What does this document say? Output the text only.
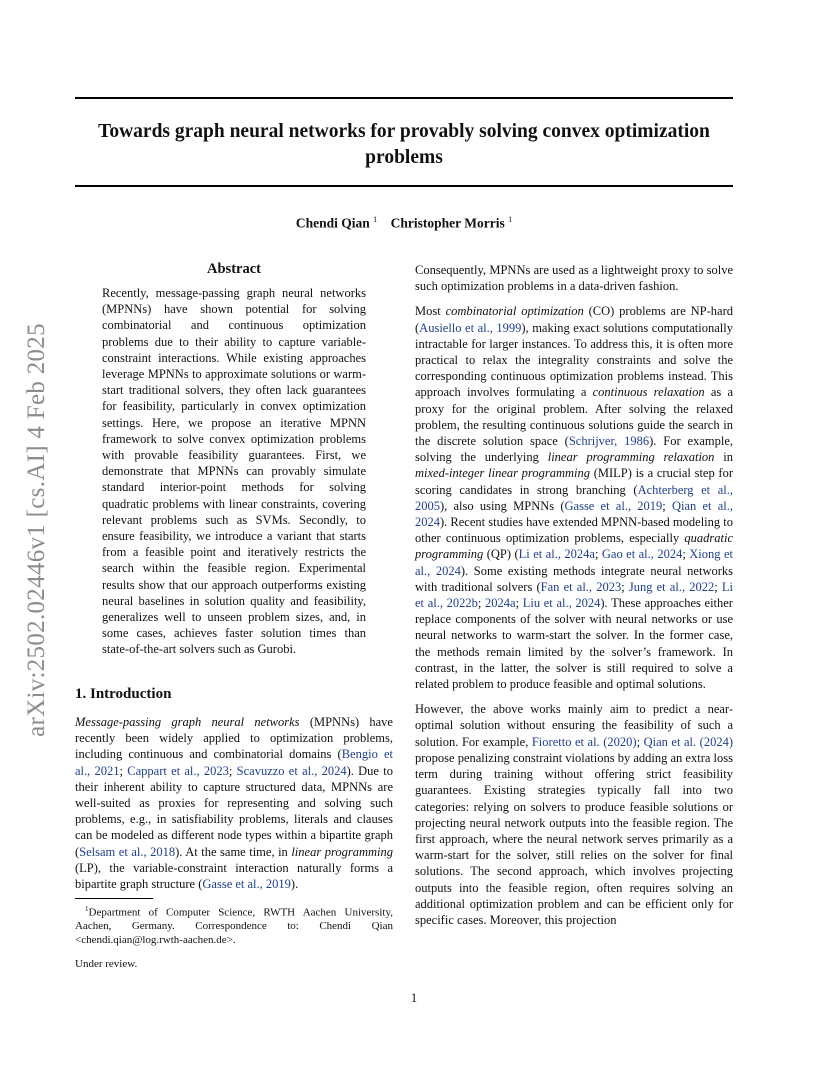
Towards graph neural networks for provably solving convex optimization problems
Chendi Qian $^1$ Christopher Morris $^1$
arXiv:2502.02446v1 [cs.AI] 4 Feb 2025
Abstract

Recently, message-passing graph neural networks (MPNNs) have shown potential for solving combinatorial and continuous optimization problems due to their ability to capture variable-constraint interactions. While existing approaches leverage MPNNs to approximate solutions or warm-start traditional solvers, they often lack guarantees for feasibility, particularly in convex optimization settings. Here, we propose an iterative MPNN framework to solve convex optimization problems with provable feasibility guarantees. First, we demonstrate that MPNNs can provably simulate standard interior-point methods for solving quadratic problems with linear constraints, covering relevant problems such as SVMs. Secondly, to ensure feasibility, we introduce a variant that starts from a feasible point and iteratively restricts the search within the feasible region. Experimental results show that our approach outperforms existing neural baselines in solution quality and feasibility, generalizes well to unseen problem sizes, and, in some cases, achieves faster solution times than state-of-the-art solvers such as Gurobi.

1. Introduction

Message-passing graph neural networks (MPNNs) have recently been widely applied to optimization problems, including continuous and combinatorial domains (Bengio et al., 2021; Cappart et al., 2023; Scavuzzo et al., 2024). Due to their inherent ability to capture structured data, MPNNs are well-suited as proxies for representing and solving such problems, e.g., in satisfiability problems, literals and clauses can be modeled as different node types within a bipartite graph (Selsam et al., 2018). At the same time, in linear programming (LP), the variable-constraint interaction naturally forms a bipartite graph structure (Gasse et al., 2019).

$^1$Department of Computer Science, RWTH Aachen University, Aachen, Germany. Correspondence to: Chendi Qian <chendi.qian@log.rwth-aachen.de>.
Under review.

Consequently, MPNNs are used as a lightweight proxy to solve such optimization problems in a data-driven fashion.

Most combinatorial optimization (CO) problems are NP-hard (Ausiello et al., 1999), making exact solutions computationally intractable for larger instances. To address this, it is often more practical to relax the integrality constraints and solve the corresponding continuous optimization problems instead. This approach involves formulating a continuous relaxation as a proxy for the original problem. After solving the relaxed problem, the resulting continuous solutions guide the search in the discrete solution space (Schrijver, 1986). For example, solving the underlying linear programming relaxation in mixed-integer linear programming (MILP) is a crucial step for scoring candidates in strong branching (Achterberg et al., 2005), also using MPNNs (Gasse et al., 2019; Qian et al., 2024). Recent studies have extended MPNN-based modeling to other continuous optimization problems, especially quadratic programming (QP) (Li et al., 2024a; Gao et al., 2024; Xiong et al., 2024). Some existing methods integrate neural networks with traditional solvers (Fan et al., 2023; Jung et al., 2022; Li et al., 2022b; 2024a; Liu et al., 2024). These approaches either replace components of the solver with neural networks or use neural networks to warm-start the solver. In the former case, the methods remain limited by the solver’s framework. In contrast, in the latter, the solver is still required to solve a related problem to produce feasible and optimal solutions.

However, the above works mainly aim to predict a near-optimal solution without ensuring the feasibility of such a solution. For example, Fioretto et al. (2020); Qian et al. (2024) propose penalizing constraint violations by adding an extra loss term during training without offering strict feasibility guarantees. Existing strategies typically fall into two categories: relying on solvers to produce feasible solutions or projecting neural network outputs into the feasible region. The first approach, where the neural network serves primarily as a warm-start for the solver, still relies on the solver for final solutions. The second approach, which involves projecting outputs into the feasible region, often requires solving an additional optimization problem and can be efficient only for specific cases. Moreover, this projection

1
